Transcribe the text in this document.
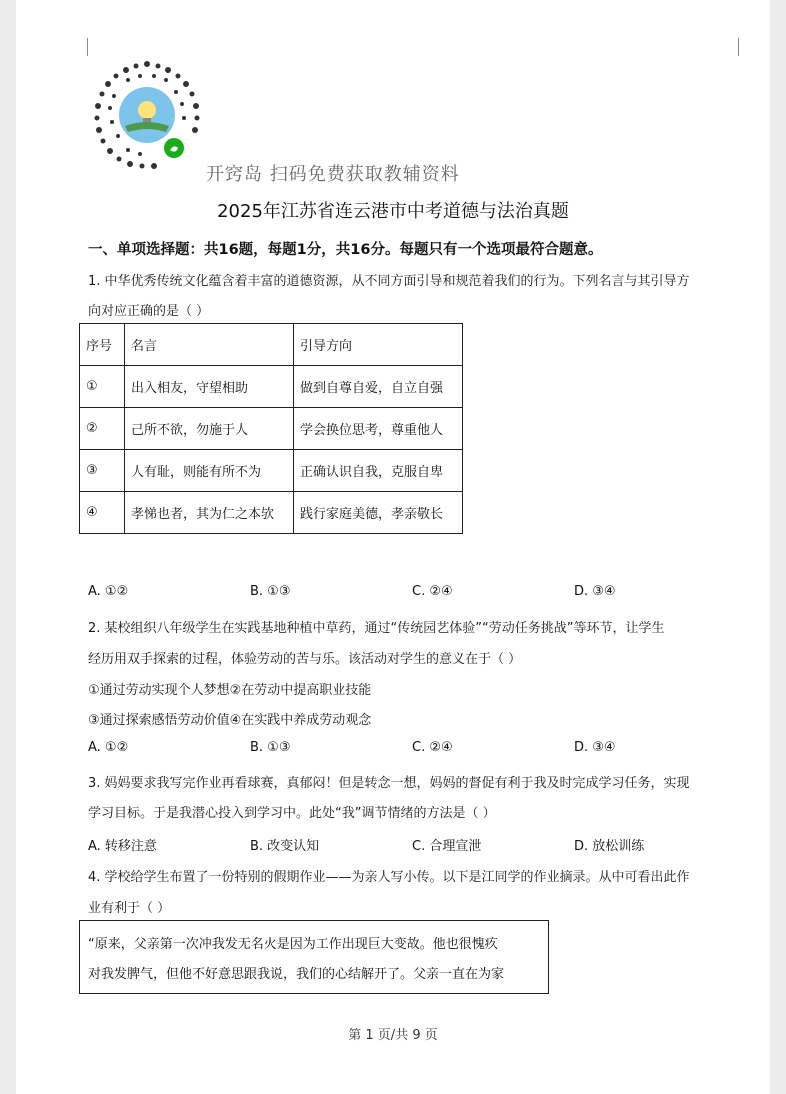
开窍岛 扫码免费获取教辅资料
2025年江苏省连云港市中考道德与法治真题
一、单项选择题：共16题，每题1分，共16分。每题只有一个选项最符合题意。
1. 中华优秀传统文化蕴含着丰富的道德资源，从不同方面引导和规范着我们的行为。下列名言与其引导方
向对应正确的是（ ）
序号	名言	引导方向
①	出入相友，守望相助	做到自尊自爱，自立自强
②	己所不欲，勿施于人	学会换位思考，尊重他人
③	人有耻，则能有所不为	正确认识自我，克服自卑
④	孝悌也者，其为仁之本欤	践行家庭美德，孝亲敬长
A. ①②	B. ①③	C. ②④	D. ③④
2. 某校组织八年级学生在实践基地种植中草药，通过“传统园艺体验”“劳动任务挑战”等环节，让学生
经历用双手探索的过程，体验劳动的苦与乐。该活动对学生的意义在于（ ）
①通过劳动实现个人梦想②在劳动中提高职业技能
③通过探索感悟劳动价值④在实践中养成劳动观念
A. ①②	B. ①③	C. ②④	D. ③④
3. 妈妈要求我写完作业再看球赛，真郁闷！但是转念一想，妈妈的督促有利于我及时完成学习任务，实现
学习目标。于是我潜心投入到学习中。此处“我”调节情绪的方法是（ ）
A. 转移注意	B. 改变认知	C. 合理宣泄	D. 放松训练
4. 学校给学生布置了一份特别的假期作业——为亲人写小传。以下是江同学的作业摘录。从中可看出此作
业有利于（ ）
“原来，父亲第一次冲我发无名火是因为工作出现巨大变故。他也很愧疚
对我发脾气，但他不好意思跟我说，我们的心结解开了。父亲一直在为家
第 1 页/共 9 页
